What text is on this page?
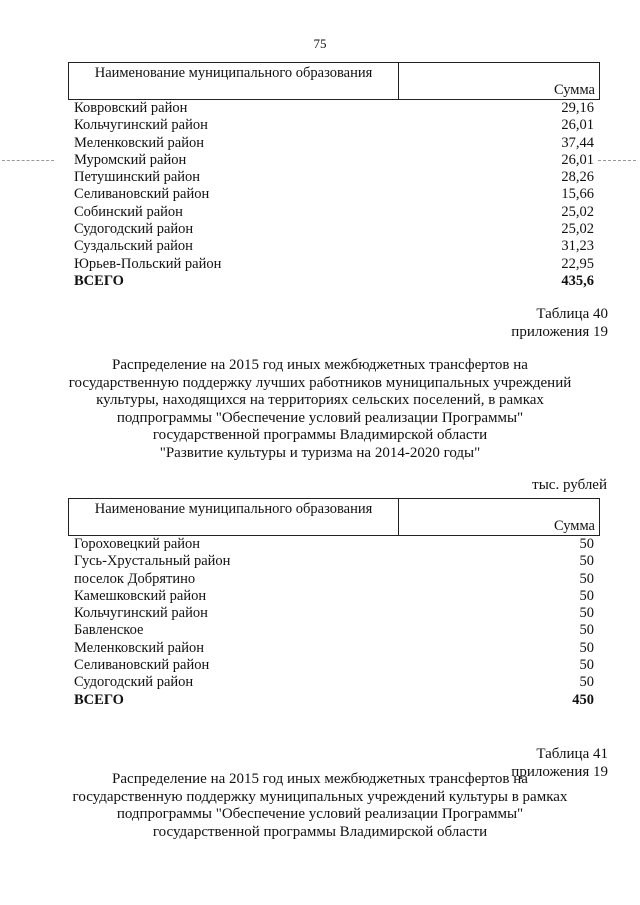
75
Наименование муниципального образования
Сумма
Ковровский район	29,16
Кольчугинский район	26,01
Меленковский район	37,44
Муромский район	26,01
Петушинский район	28,26
Селивановский район	15,66
Собинский район	25,02
Судогодский район	25,02
Суздальский район	31,23
Юрьев-Польский район	22,95
ВСЕГО	435,6
Таблица 40
приложения 19
Распределение на 2015 год иных межбюджетных трансфертов на
государственную поддержку лучших работников муниципальных учреждений
культуры, находящихся на территориях сельских поселений, в рамках
подпрограммы "Обеспечение условий реализации Программы"
государственной программы Владимирской области
"Развитие культуры и туризма на 2014-2020 годы"
тыс. рублей
Наименование муниципального образования
Сумма
Гороховецкий район	50
Гусь-Хрустальный район	50
поселок Добрятино	50
Камешковский район	50
Кольчугинский район	50
Бавленское	50
Меленковский район	50
Селивановский район	50
Судогодский район	50
ВСЕГО	450
Таблица 41
приложения 19
Распределение на 2015 год иных межбюджетных трансфертов на
государственную поддержку муниципальных учреждений культуры в рамках
подпрограммы "Обеспечение условий реализации Программы"
государственной программы Владимирской области
